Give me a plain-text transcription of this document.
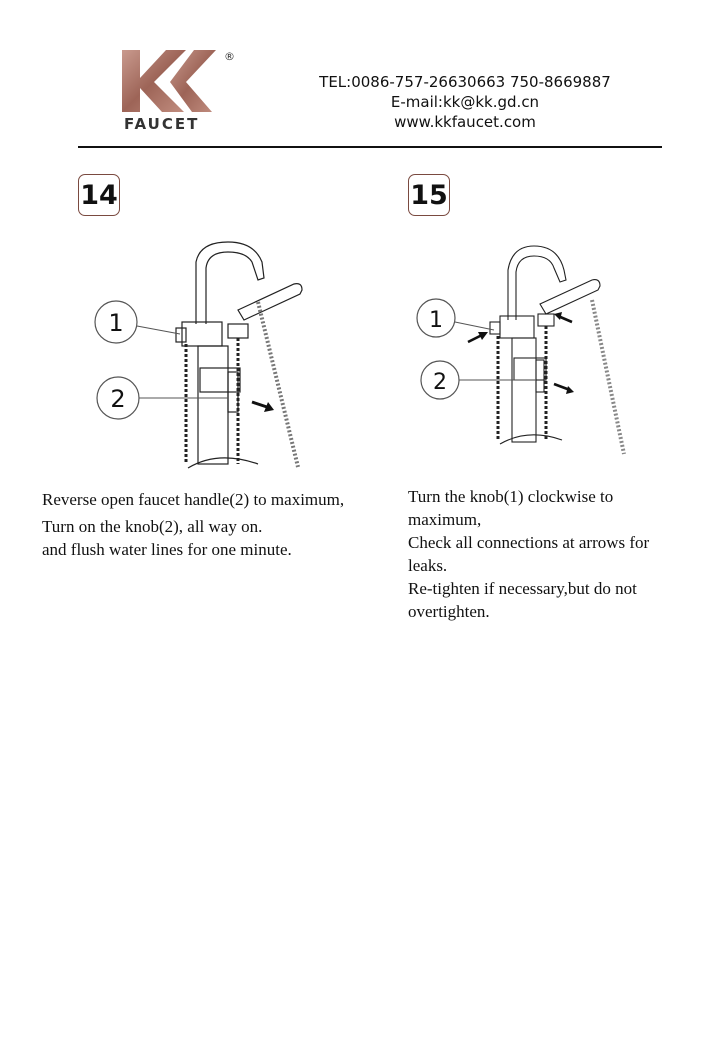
®
FAUCET
TEL:0086-757-26630663 750-8669887
E-mail:kk@kk.gd.cn
www.kkfaucet.com
14
1
2

Reverse open faucet handle(2) to maximum,

Turn on the knob(2), all way on.

and flush water lines for one minute.

15
1
2

Turn the knob(1) clockwise to

maximum,

Check all connections at arrows for

leaks.

Re-tighten if necessary,but do not

overtighten.
